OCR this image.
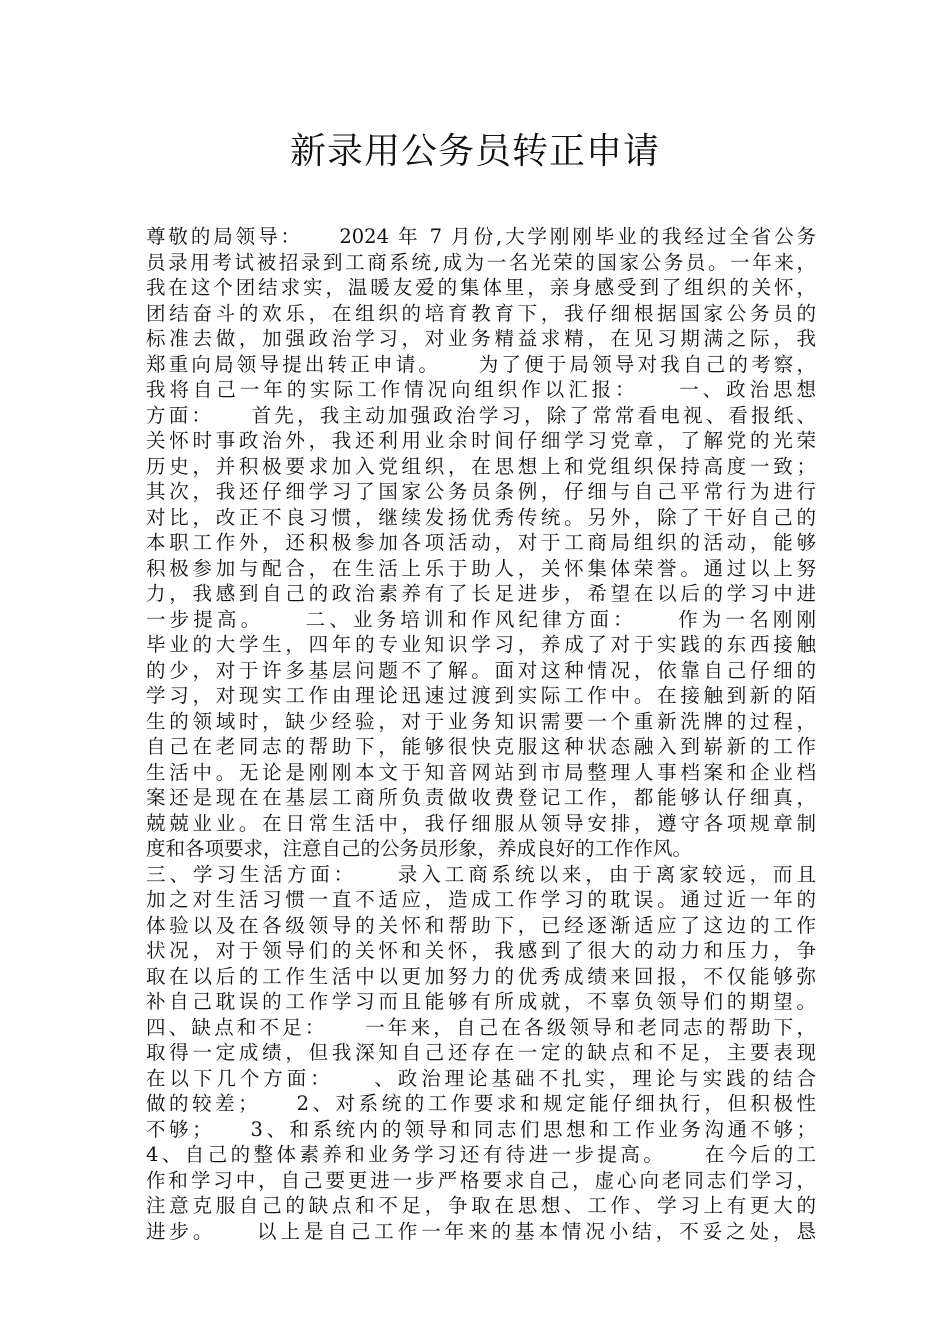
新录用公务员转正申请
尊敬的局领导：    2024 年 7 月份,大学刚刚毕业的我经过全省公务
员录用考试被招录到工商系统,成为一名光荣的国家公务员。一年来，
我在这个团结求实，温暖友爱的集体里，亲身感受到了组织的关怀，
团结奋斗的欢乐，在组织的培育教育下，我仔细根据国家公务员的
标准去做，加强政治学习，对业务精益求精，在见习期满之际，我
郑重向局领导提出转正申请。    为了便于局领导对我自己的考察，
我将自己一年的实际工作情况向组织作以汇报：    一、政治思想
方面：    首先，我主动加强政治学习，除了常常看电视、看报纸、
关怀时事政治外，我还利用业余时间仔细学习党章，了解党的光荣
历史，并积极要求加入党组织，在思想上和党组织保持高度一致；
其次，我还仔细学习了国家公务员条例，仔细与自己平常行为进行
对比，改正不良习惯，继续发扬优秀传统。另外，除了干好自己的
本职工作外，还积极参加各项活动，对于工商局组织的活动，能够
积极参加与配合，在生活上乐于助人，关怀集体荣誉。通过以上努
力，我感到自己的政治素养有了长足进步，希望在以后的学习中进
一步提高。    二、业务培训和作风纪律方面：    作为一名刚刚
毕业的大学生，四年的专业知识学习，养成了对于实践的东西接触
的少，对于许多基层问题不了解。面对这种情况，依靠自己仔细的
学习，对现实工作由理论迅速过渡到实际工作中。在接触到新的陌
生的领域时，缺少经验，对于业务知识需要一个重新洗牌的过程，
自己在老同志的帮助下，能够很快克服这种状态融入到崭新的工作
生活中。无论是刚刚本文于知音网站到市局整理人事档案和企业档
案还是现在在基层工商所负责做收费登记工作，都能够认仔细真，
兢兢业业。在日常生活中，我仔细服从领导安排，遵守各项规章制
度和各项要求，注意自己的公务员形象，养成良好的工作作风。
三、学习生活方面：    录入工商系统以来，由于离家较远，而且
加之对生活习惯一直不适应，造成工作学习的耽误。通过近一年的
体验以及在各级领导的关怀和帮助下，已经逐渐适应了这边的工作
状况，对于领导们的关怀和关怀，我感到了很大的动力和压力，争
取在以后的工作生活中以更加努力的优秀成绩来回报，不仅能够弥
补自己耽误的工作学习而且能够有所成就，不辜负领导们的期望。
四、缺点和不足：    一年来，自己在各级领导和老同志的帮助下，
取得一定成绩，但我深知自己还存在一定的缺点和不足，主要表现
在以下几个方面：    、政治理论基础不扎实，理论与实践的结合
做的较差；    2、对系统的工作要求和规定能仔细执行，但积极性
不够；    3、和系统内的领导和同志们思想和工作业务沟通不够；
4、自己的整体素养和业务学习还有待进一步提高。    在今后的工
作和学习中，自己要更进一步严格要求自己，虚心向老同志们学习，
注意克服自己的缺点和不足，争取在思想、工作、学习上有更大的
进步。    以上是自己工作一年来的基本情况小结，不妥之处，恳
